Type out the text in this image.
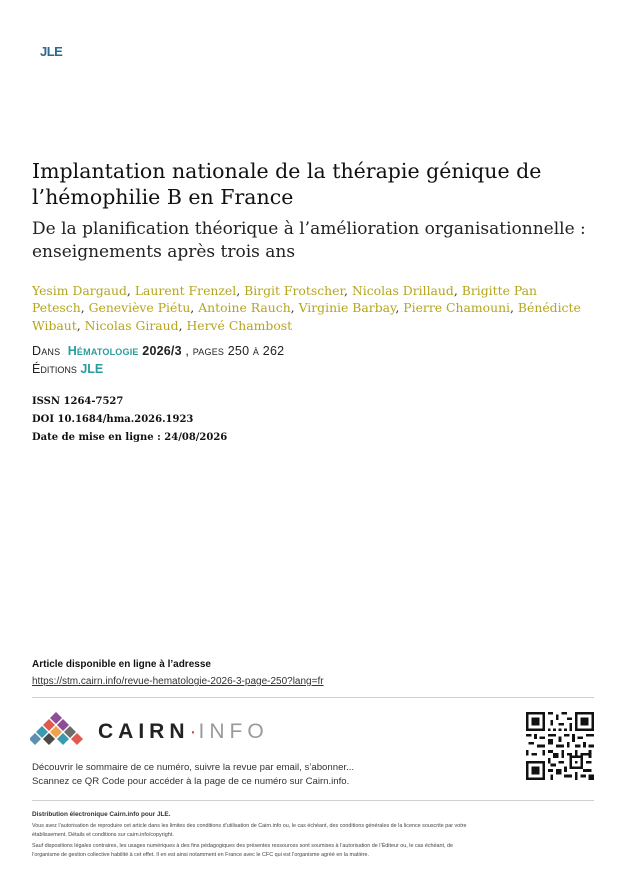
JLE
Implantation nationale de la thérapie génique de l’hémophilie B en France
De la planification théorique à l’amélioration organisationnelle : enseignements après trois ans
Yesim Dargaud, Laurent Frenzel, Birgit Frotscher, Nicolas Drillaud, Brigitte Pan Petesch, Geneviève Piétu, Antoine Rauch, Virginie Barbay, Pierre Chamouni, Bénédicte Wibaut, Nicolas Giraud, Hervé Chambost
Dans Hématologie 2026/3 , pages 250 à 262
Éditions JLE
ISSN 1264-7527
DOI 10.1684/hma.2026.1923
Date de mise en ligne : 24/08/2026
Article disponible en ligne à l’adresse
https://stm.cairn.info/revue-hematologie-2026-3-page-250?lang=fr
CAIRN·INFO
Découvrir le sommaire de ce numéro, suivre la revue par email, s’abonner...
Scannez ce QR Code pour accéder à la page de ce numéro sur Cairn.info.
Distribution électronique Cairn.info pour JLE.
Vous avez l’autorisation de reproduire cet article dans les limites des conditions d’utilisation de Cairn.info ou, le cas échéant, des conditions générales de la licence souscrite par votre
établissement. Détails et conditions sur cairn.info/copyright.
Sauf dispositions légales contraires, les usages numériques à des fins pédagogiques des présentes ressources sont soumises à l’autorisation de l’Éditeur ou, le cas échéant, de
l’organisme de gestion collective habilité à cet effet. Il en est ainsi notamment en France avec le CFC qui est l’organisme agréé en la matière.
